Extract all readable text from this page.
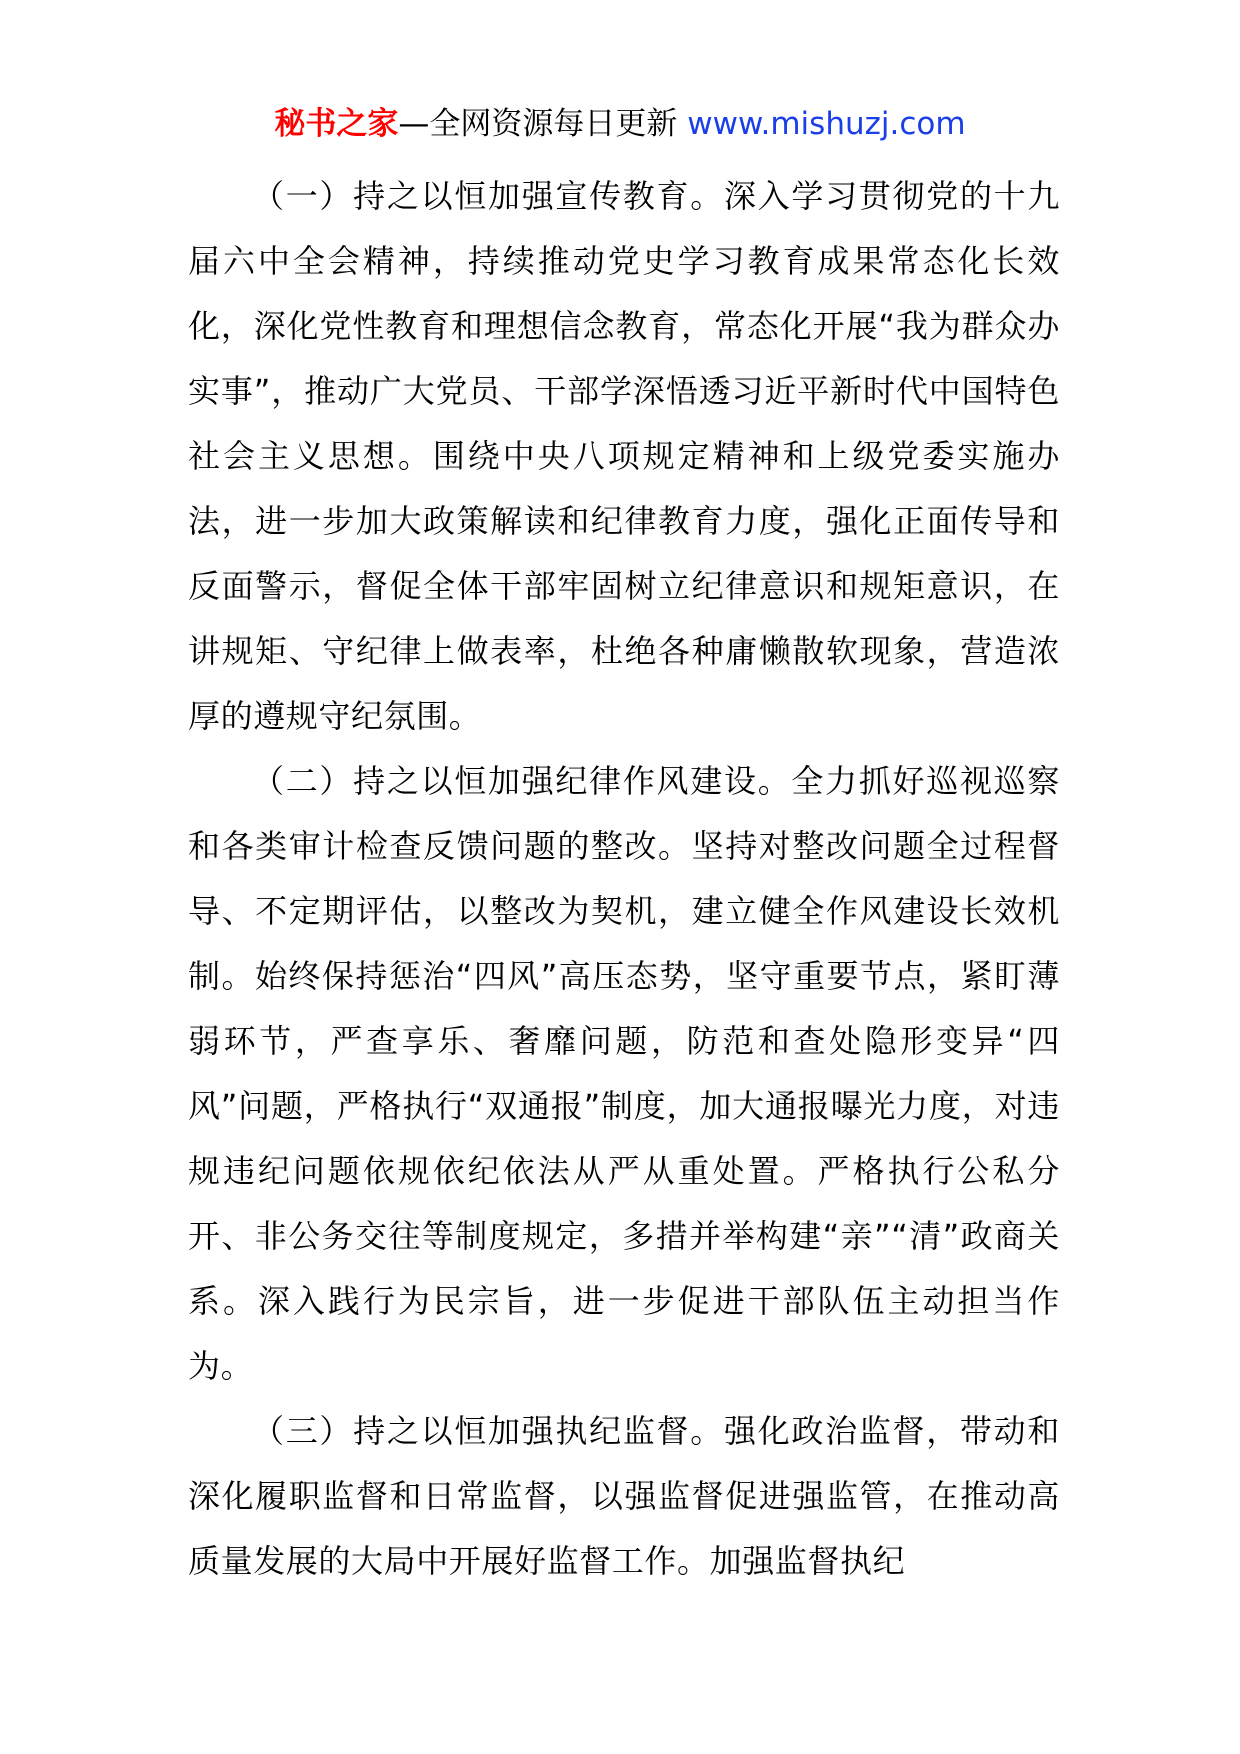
秘书之家—全网资源每日更新 www.mishuzj.com

（一）持之以恒加强宣传教育。深入学习贯彻党的十九届六中全会精神，持续推动党史学习教育成果常态化长效化，深化党性教育和理想信念教育，常态化开展“我为群众办实事”，推动广大党员、干部学深悟透习近平新时代中国特色社会主义思想。围绕中央八项规定精神和上级党委实施办法，进一步加大政策解读和纪律教育力度，强化正面传导和反面警示，督促全体干部牢固树立纪律意识和规矩意识，在讲规矩、守纪律上做表率，杜绝各种庸懒散软现象，营造浓厚的遵规守纪氛围。

（二）持之以恒加强纪律作风建设。全力抓好巡视巡察和各类审计检查反馈问题的整改。坚持对整改问题全过程督导、不定期评估，以整改为契机，建立健全作风建设长效机制。始终保持惩治“四风”高压态势，坚守重要节点，紧盯薄弱环节，严查享乐、奢靡问题，防范和查处隐形变异“四风”问题，严格执行“双通报”制度，加大通报曝光力度，对违规违纪问题依规依纪依法从严从重处置。严格执行公私分开、非公务交往等制度规定，多措并举构建“亲”“清”政商关系。深入践行为民宗旨，进一步促进干部队伍主动担当作为。

（三）持之以恒加强执纪监督。强化政治监督，带动和深化履职监督和日常监督，以强监督促进强监管，在推动高质量发展的大局中开展好监督工作。加强监督执纪
